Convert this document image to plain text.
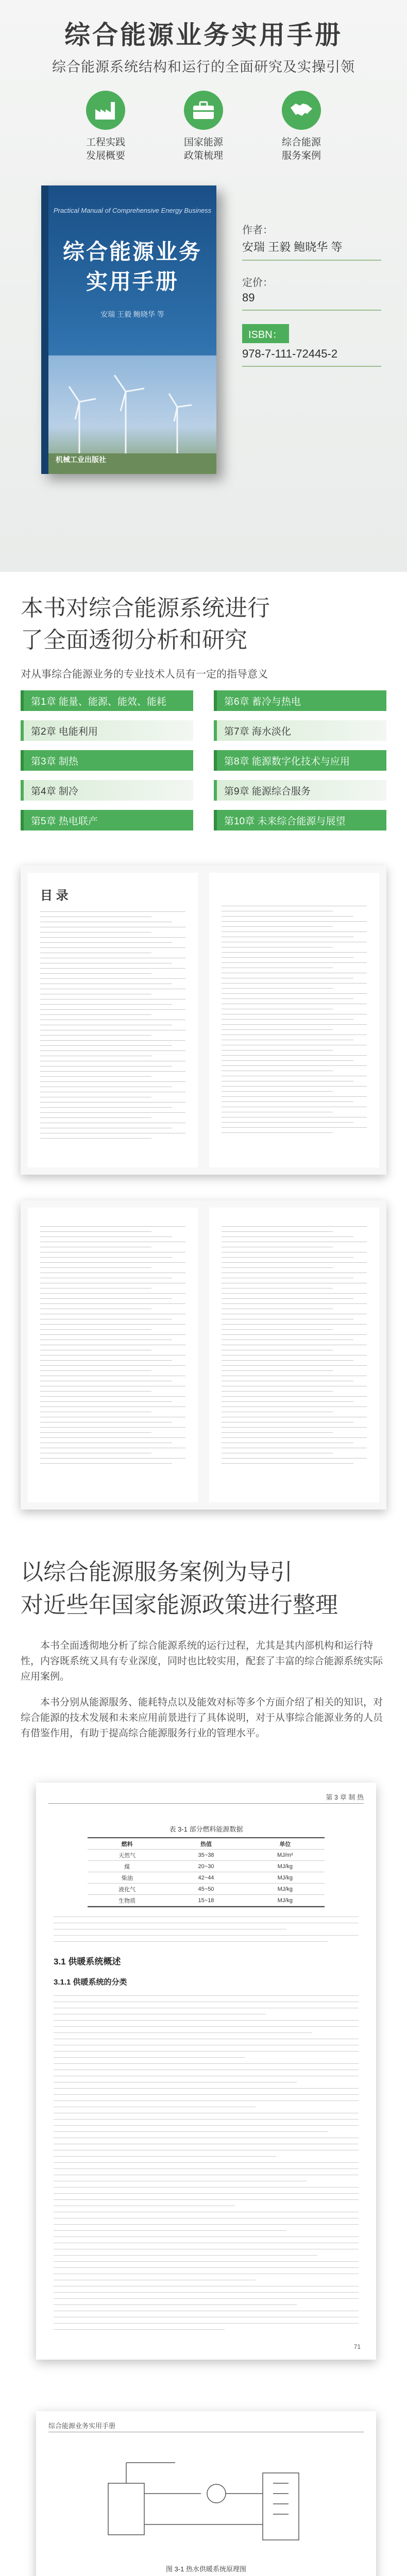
综合能源业务实用手册
综合能源系统结构和运行的全面研究及实操引领
工程实践
发展概要
国家能源
政策梳理
综合能源
服务案例
Practical Manual of Comprehensive Energy Business
综合能源业务
实用手册
安瑞 王毅 鲍晓华 等
机械工业出版社
作者：
安瑞 王毅 鲍晓华 等
定价：
89
ISBN：
978-7-111-72445-2
本书对综合能源系统进行
了全面透彻分析和研究
对从事综合能源业务的专业技术人员有一定的指导意义
第1章 能量、能源、能效、能耗	第6章 蓄冷与热电
第2章 电能利用	第7章 海水淡化
第3章 制热	第8章 能源数字化技术与应用
第4章 制冷	第9章 能源综合服务
第5章 热电联产	第10章 未来综合能源与展望
目 录
以综合能源服务案例为导引
对近些年国家能源政策进行整理
本书全面透彻地分析了综合能源系统的运行过程，尤其是其内部机构和运行特性，内容既系统又具有专业深度，同时也比较实用，配套了丰富的综合能源系统实际应用案例。
本书分别从能源服务、能耗特点以及能效对标等多个方面介绍了相关的知识，对综合能源的技术发展和未来应用前景进行了具体说明，对于从事综合能源业务的人员有借鉴作用，有助于提高综合能源服务行业的管理水平。
第 3 章 制 热
表 3-1 部分燃料能源数据
燃料	热值	单位
天然气	35~38	MJ/m³
煤	20~30	MJ/kg
柴油	42~44	MJ/kg
液化气	45~50	MJ/kg
生物质	15~18	MJ/kg
3.1 供暖系统概述
3.1.1 供暖系统的分类
71
综合能源业务实用手册
图 3-1 热水供暖系统原理图
